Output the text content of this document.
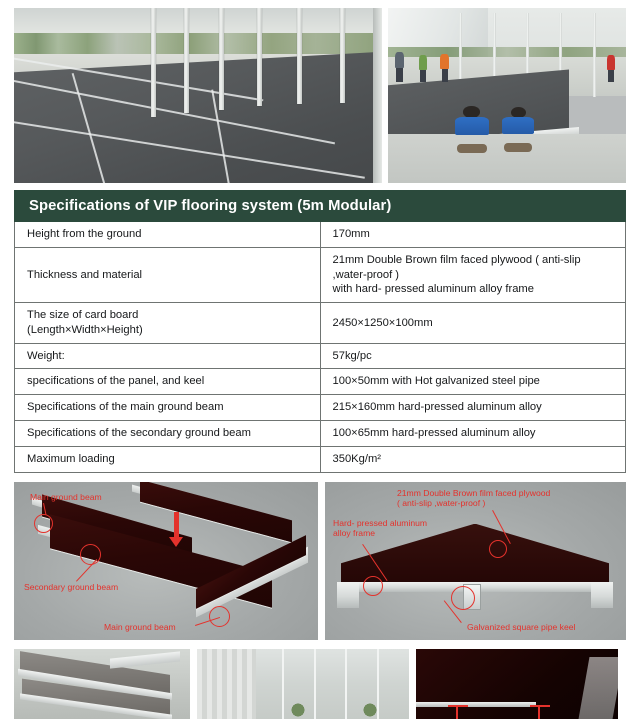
Specifications of VIP flooring system (5m Modular)	
Height from the ground	170mm
Thickness and material	21mm Double Brown film faced plywood ( anti-slip ,water-proof )
with hard- pressed aluminum alloy frame

The size of card board
(Length×Width×Height)	2450×1250×100mm
Weight:	57kg/pc
specifications of the panel, and keel	100×50mm with Hot galvanized steel pipe
Specifications of the main ground beam	215×160mm hard-pressed aluminum alloy
Specifications of the secondary ground beam	100×65mm hard-pressed aluminum alloy
Maximum loading	350Kg/m²
Main ground beam
Secondary ground beam
Main ground beam
21mm Double Brown film faced plywood
( anti-slip ,water-proof )
Hard- pressed aluminum
alloy frame
Galvanized square pipe keel
